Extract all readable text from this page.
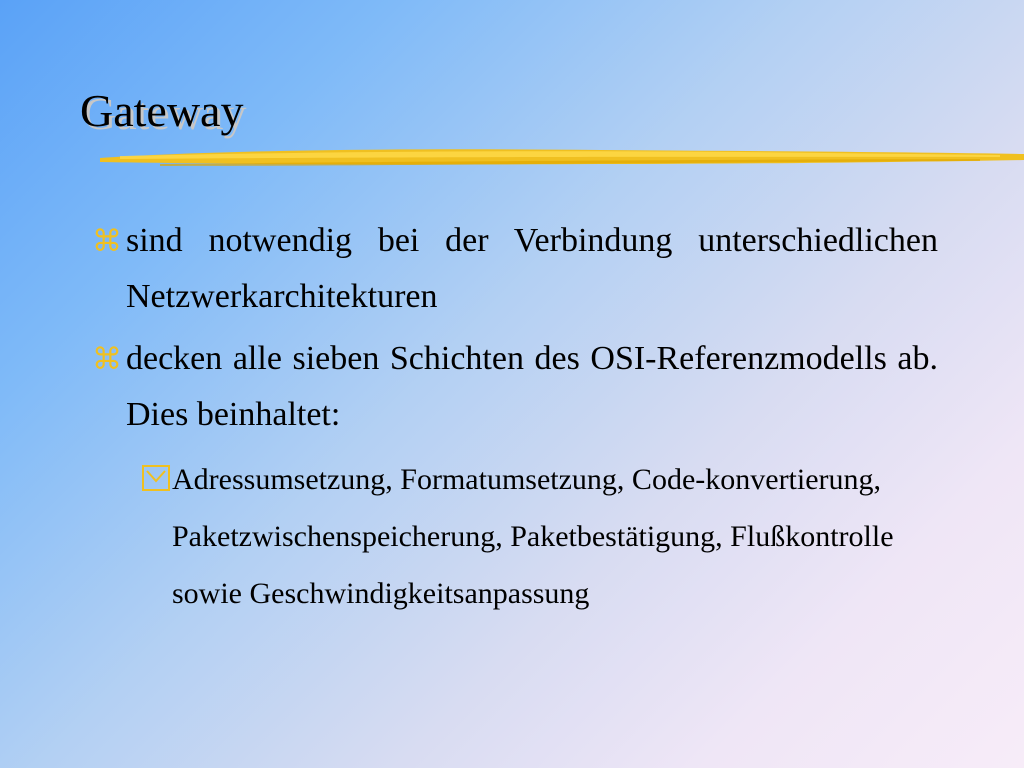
Gateway
⌘ sind notwendig bei der Verbindung unterschiedlichen Netzwerkarchitekturen
⌘ decken alle sieben Schichten des OSI-Referenzmodells ab. Dies beinhaltet:
Adressumsetzung, Formatumsetzung, Code-konvertierung, Paketzwischenspeicherung, Paketbestätigung, Flußkontrolle sowie Geschwindigkeitsanpassung
